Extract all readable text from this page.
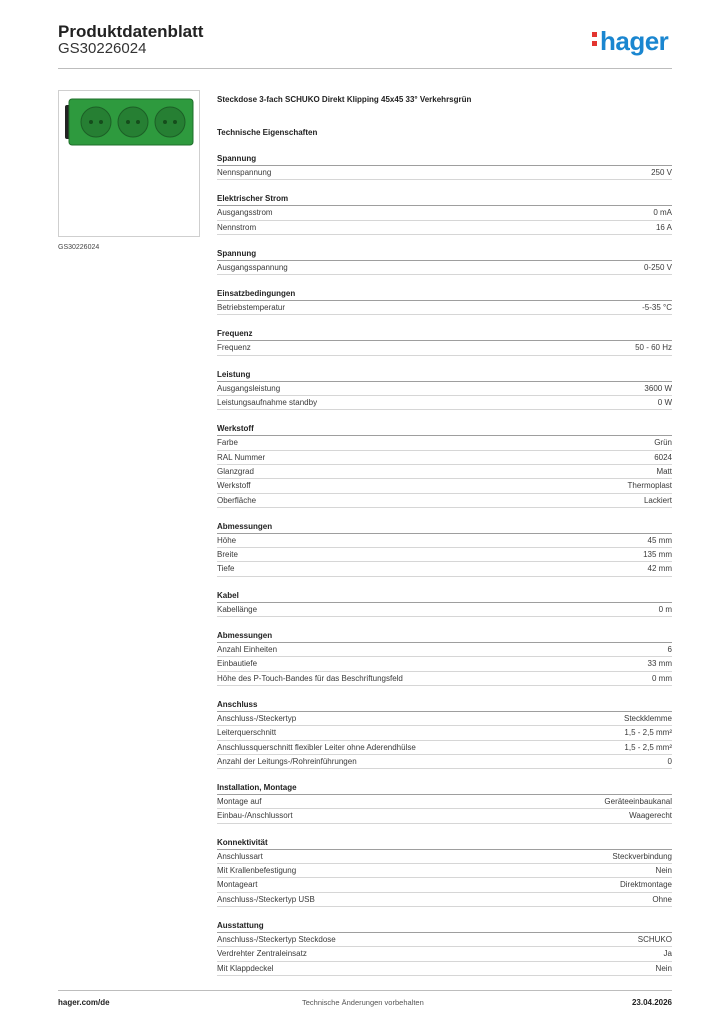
Produktdatenblatt
GS30226024	hager
GS30226024
Steckdose 3-fach SCHUKO Direkt Klipping 45x45 33° Verkehrsgrün
Technische Eigenschaften
Spannung
Nennspannung	250 V
Elektrischer Strom
Ausgangsstrom	0 mA
Nennstrom	16 A
Spannung
Ausgangsspannung	0-250 V
Einsatzbedingungen
Betriebstemperatur	-5-35 °C
Frequenz
Frequenz	50 - 60 Hz
Leistung
Ausgangsleistung	3600 W
Leistungsaufnahme standby	0 W
Werkstoff
Farbe	Grün
RAL Nummer	6024
Glanzgrad	Matt
Werkstoff	Thermoplast
Oberfläche	Lackiert
Abmessungen
Höhe	45 mm
Breite	135 mm
Tiefe	42 mm
Kabel
Kabellänge	0 m
Abmessungen
Anzahl Einheiten	6
Einbautiefe	33 mm
Höhe des P-Touch-Bandes für das Beschriftungsfeld	0 mm
Anschluss
Anschluss-/Steckertyp	Steckklemme
Leiterquerschnitt	1,5 - 2,5 mm²
Anschlussquerschnitt flexibler Leiter ohne Aderendhülse	1,5 - 2,5 mm²
Anzahl der Leitungs-/Rohreinführungen	0
Installation, Montage
Montage auf	Geräteeinbaukanal
Einbau-/Anschlussort	Waagerecht
Konnektivität
Anschlussart	Steckverbindung
Mit Krallenbefestigung	Nein
Montageart	Direktmontage
Anschluss-/Steckertyp USB	Ohne
Ausstattung
Anschluss-/Steckertyp Steckdose	SCHUKO
Verdrehter Zentraleinsatz	Ja
Mit Klappdeckel	Nein
hager.com/de	Technische Änderungen vorbehalten	23.04.2026
